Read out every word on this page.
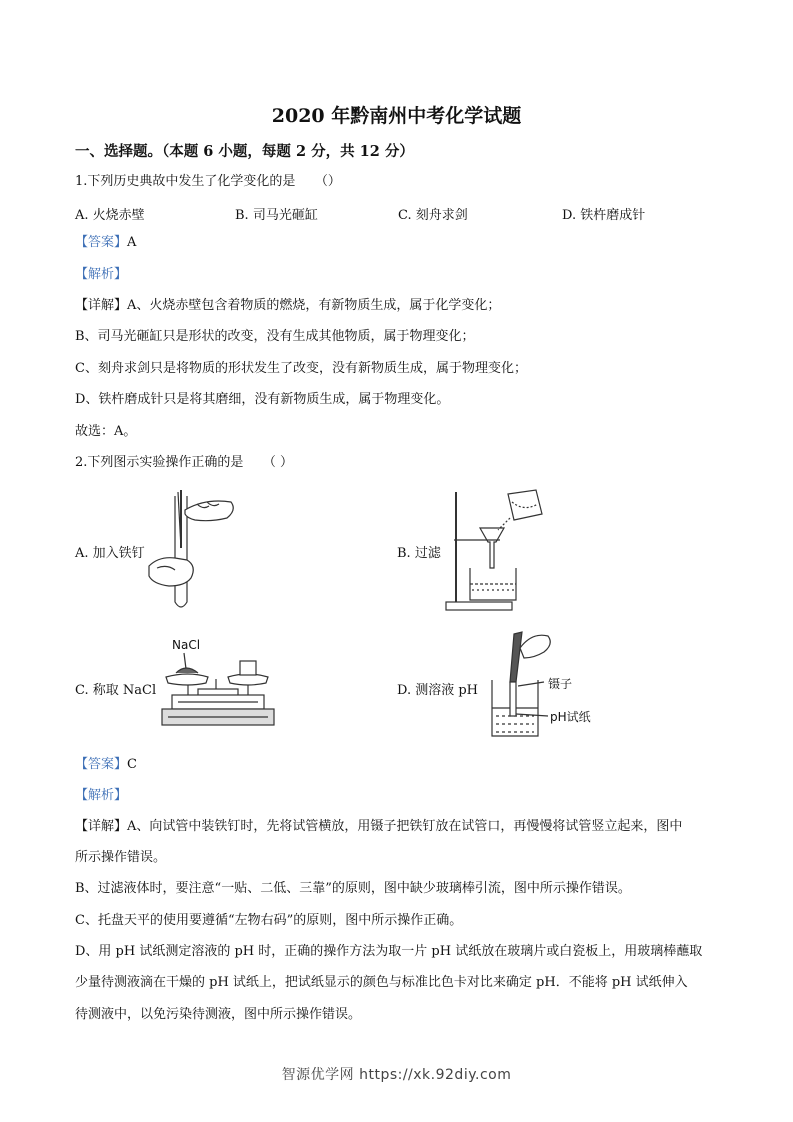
2020 年黔南州中考化学试题
一、选择题。（本题 6 小题，每题 2 分，共 12 分）
1.下列历史典故中发生了化学变化的是　　（）
A. 火烧赤壁	B. 司马光砸缸	C. 刻舟求剑	D. 铁杵磨成针
【答案】A
【解析】
【详解】A、火烧赤壁包含着物质的燃烧，有新物质生成，属于化学变化；
B、司马光砸缸只是形状的改变，没有生成其他物质，属于物理变化；
C、刻舟求剑只是将物质的形状发生了改变，没有新物质生成，属于物理变化；
D、铁杵磨成针只是将其磨细，没有新物质生成，属于物理变化。
故选：A。
2.下列图示实验操作正确的是　　（ ）
A. 加入铁钉	B. 过滤
C. 称取 NaCl	D. 测溶液 pH
NaCl
镊子
pH试纸
【答案】C
【解析】
【详解】A、向试管中装铁钉时，先将试管横放，用镊子把铁钉放在试管口，再慢慢将试管竖立起来，图中
所示操作错误。
B、过滤液体时，要注意“一贴、二低、三靠”的原则，图中缺少玻璃棒引流，图中所示操作错误。
C、托盘天平的使用要遵循“左物右码”的原则，图中所示操作正确。
D、用 pH 试纸测定溶液的 pH 时，正确的操作方法为取一片 pH 试纸放在玻璃片或白瓷板上，用玻璃棒蘸取
少量待测液滴在干燥的 pH 试纸上，把试纸显示的颜色与标准比色卡对比来确定 pH．不能将 pH 试纸伸入
待测液中，以免污染待测液，图中所示操作错误。
智源优学网 https://xk.92diy.com
